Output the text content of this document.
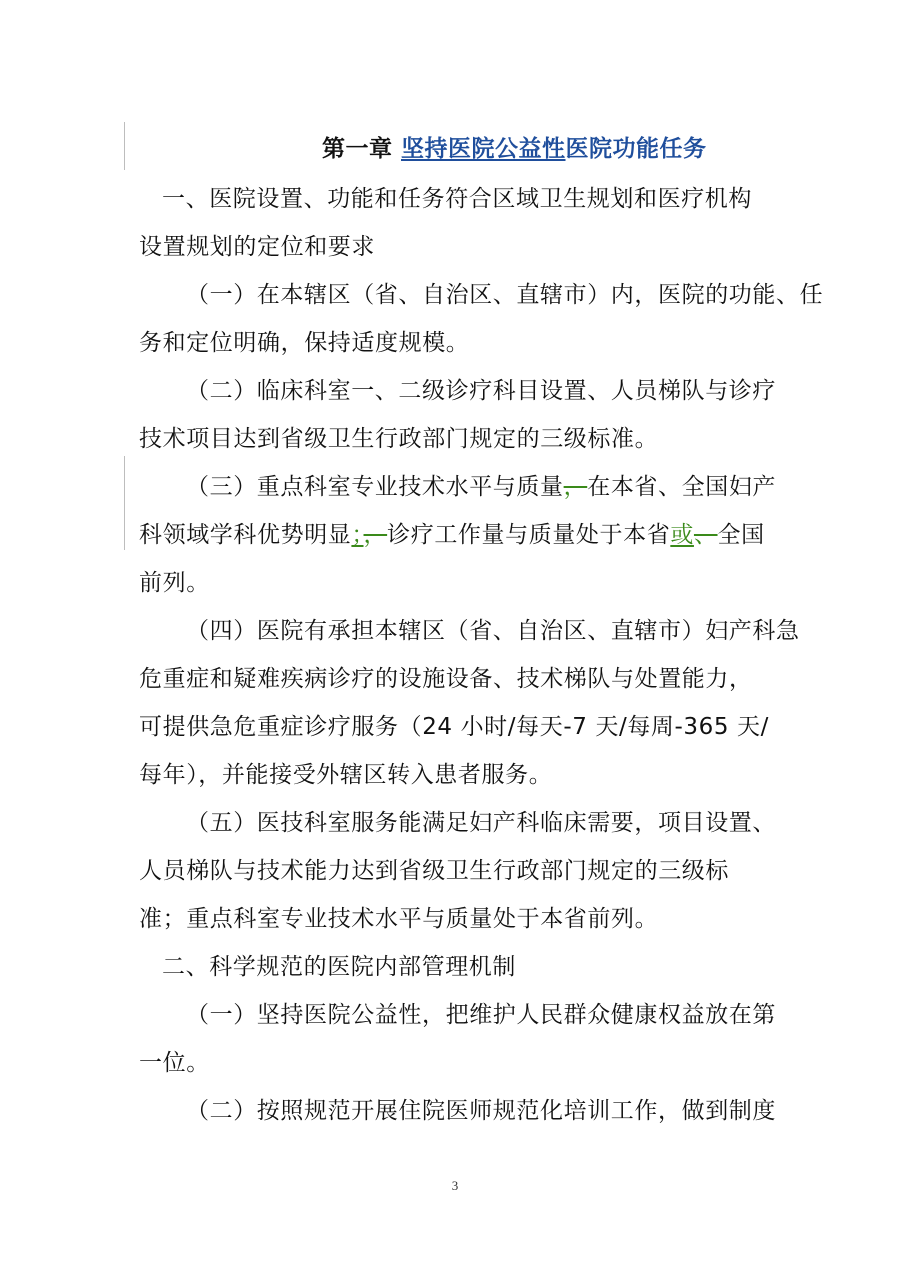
第一章 坚持医院公益性医院功能任务
一、医院设置、功能和任务符合区域卫生规划和医疗机构
设置规划的定位和要求
（一）在本辖区（省、自治区、直辖市）内，医院的功能、任
务和定位明确，保持适度规模。
（二）临床科室一、二级诊疗科目设置、人员梯队与诊疗
技术项目达到省级卫生行政部门规定的三级标准。
（三）重点科室专业技术水平与质量，在本省、全国妇产
科领域学科优势明显；，诊疗工作量与质量处于本省或、全国
前列。
（四）医院有承担本辖区（省、自治区、直辖市）妇产科急
危重症和疑难疾病诊疗的设施设备、技术梯队与处置能力，
可提供急危重症诊疗服务（24 小时/每天-7 天/每周-365 天/
每年），并能接受外辖区转入患者服务。
（五）医技科室服务能满足妇产科临床需要，项目设置、
人员梯队与技术能力达到省级卫生行政部门规定的三级标
准；重点科室专业技术水平与质量处于本省前列。
二、科学规范的医院内部管理机制
（一）坚持医院公益性，把维护人民群众健康权益放在第
一位。
（二）按照规范开展住院医师规范化培训工作，做到制度
3
